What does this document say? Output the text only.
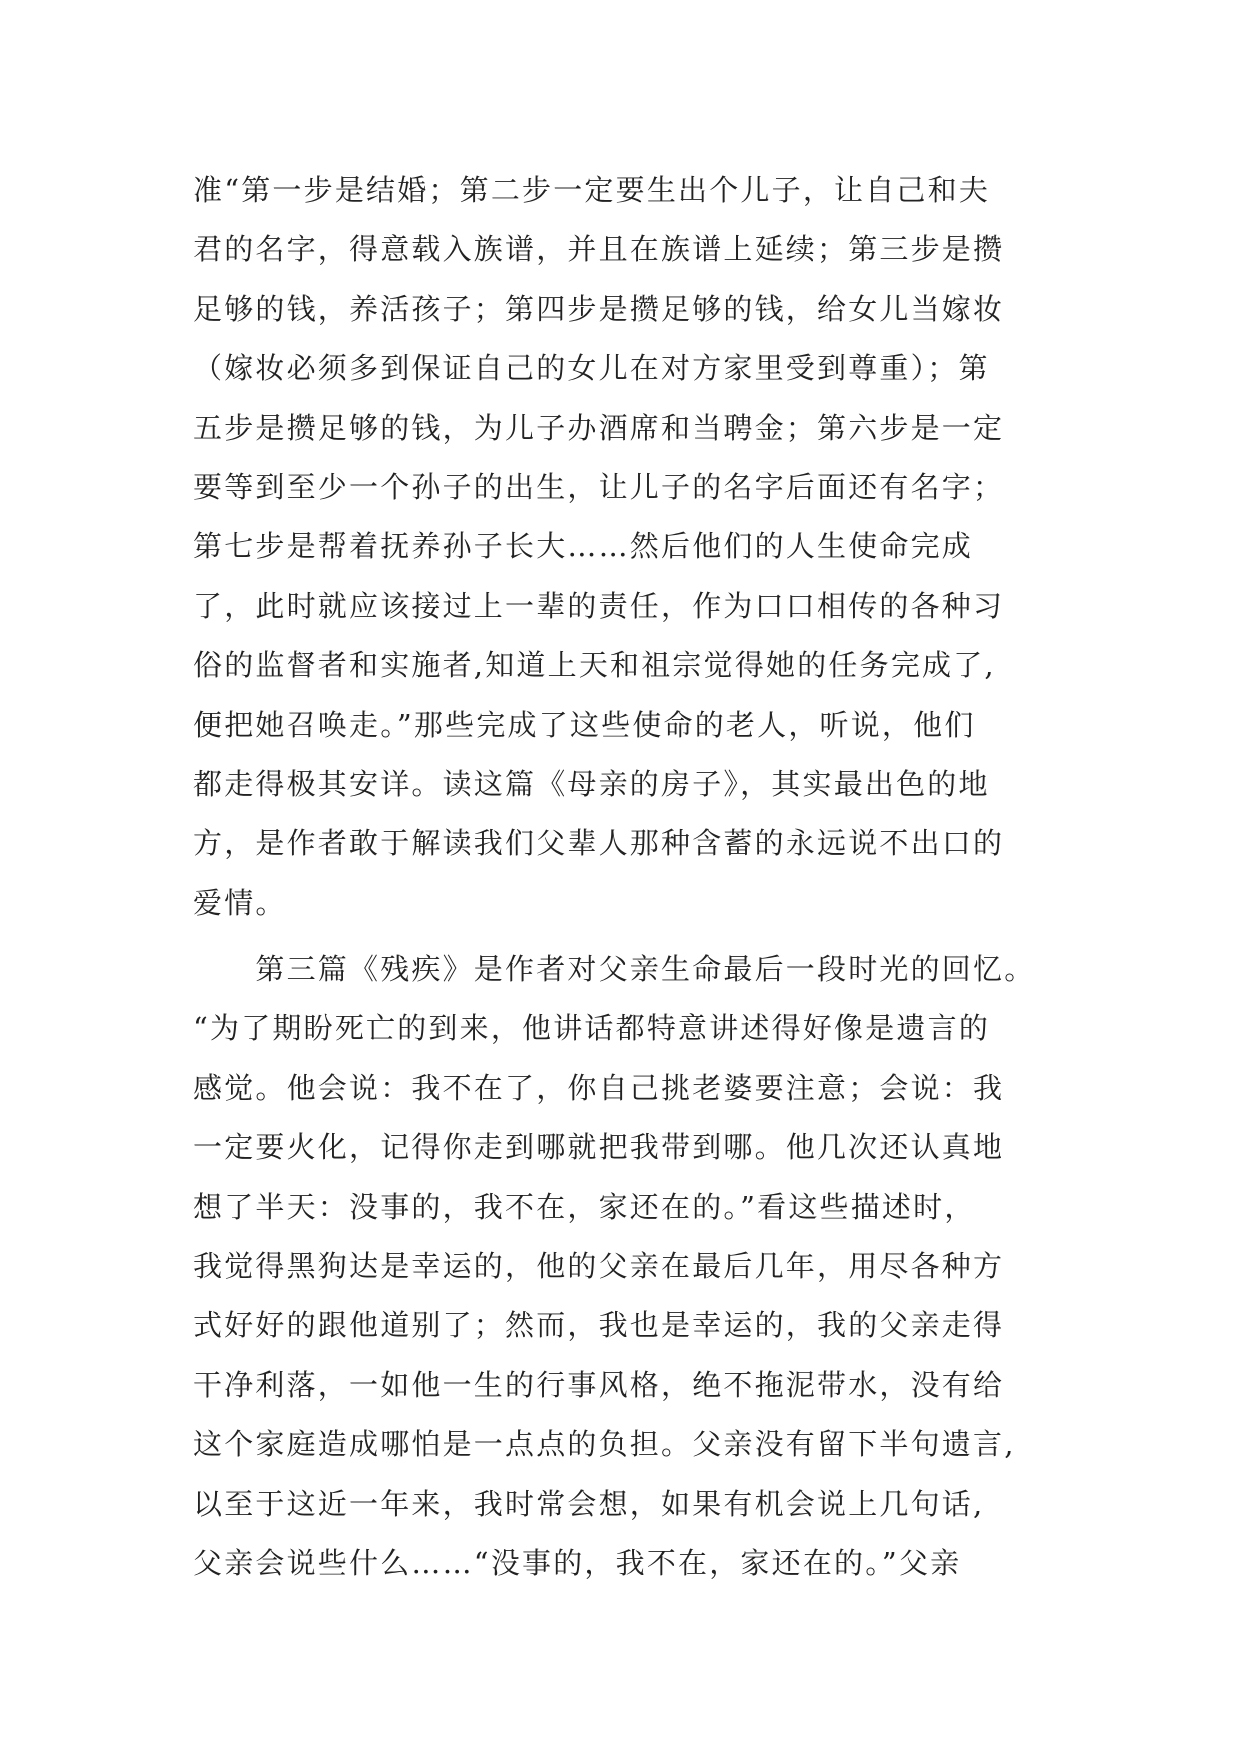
准“第一步是结婚；第二步一定要生出个儿子，让自己和夫
君的名字，得意载入族谱，并且在族谱上延续；第三步是攒
足够的钱，养活孩子；第四步是攒足够的钱，给女儿当嫁妆
（嫁妆必须多到保证自己的女儿在对方家里受到尊重）；第
五步是攒足够的钱，为儿子办酒席和当聘金；第六步是一定
要等到至少一个孙子的出生，让儿子的名字后面还有名字；
第七步是帮着抚养孙子长大……然后他们的人生使命完成
了，此时就应该接过上一辈的责任，作为口口相传的各种习
俗的监督者和实施者,知道上天和祖宗觉得她的任务完成了,
便把她召唤走。”那些完成了这些使命的老人，听说，他们
都走得极其安详。读这篇《母亲的房子》，其实最出色的地
方，是作者敢于解读我们父辈人那种含蓄的永远说不出口的
爱情。
　　第三篇《残疾》是作者对父亲生命最后一段时光的回忆。
“为了期盼死亡的到来，他讲话都特意讲述得好像是遗言的
感觉。他会说：我不在了，你自己挑老婆要注意；会说：我
一定要火化，记得你走到哪就把我带到哪。他几次还认真地
想了半天：没事的，我不在，家还在的。”看这些描述时，
我觉得黑狗达是幸运的，他的父亲在最后几年，用尽各种方
式好好的跟他道别了；然而，我也是幸运的，我的父亲走得
干净利落，一如他一生的行事风格，绝不拖泥带水，没有给
这个家庭造成哪怕是一点点的负担。父亲没有留下半句遗言,
以至于这近一年来，我时常会想，如果有机会说上几句话,
父亲会说些什么……“没事的，我不在，家还在的。”父亲
